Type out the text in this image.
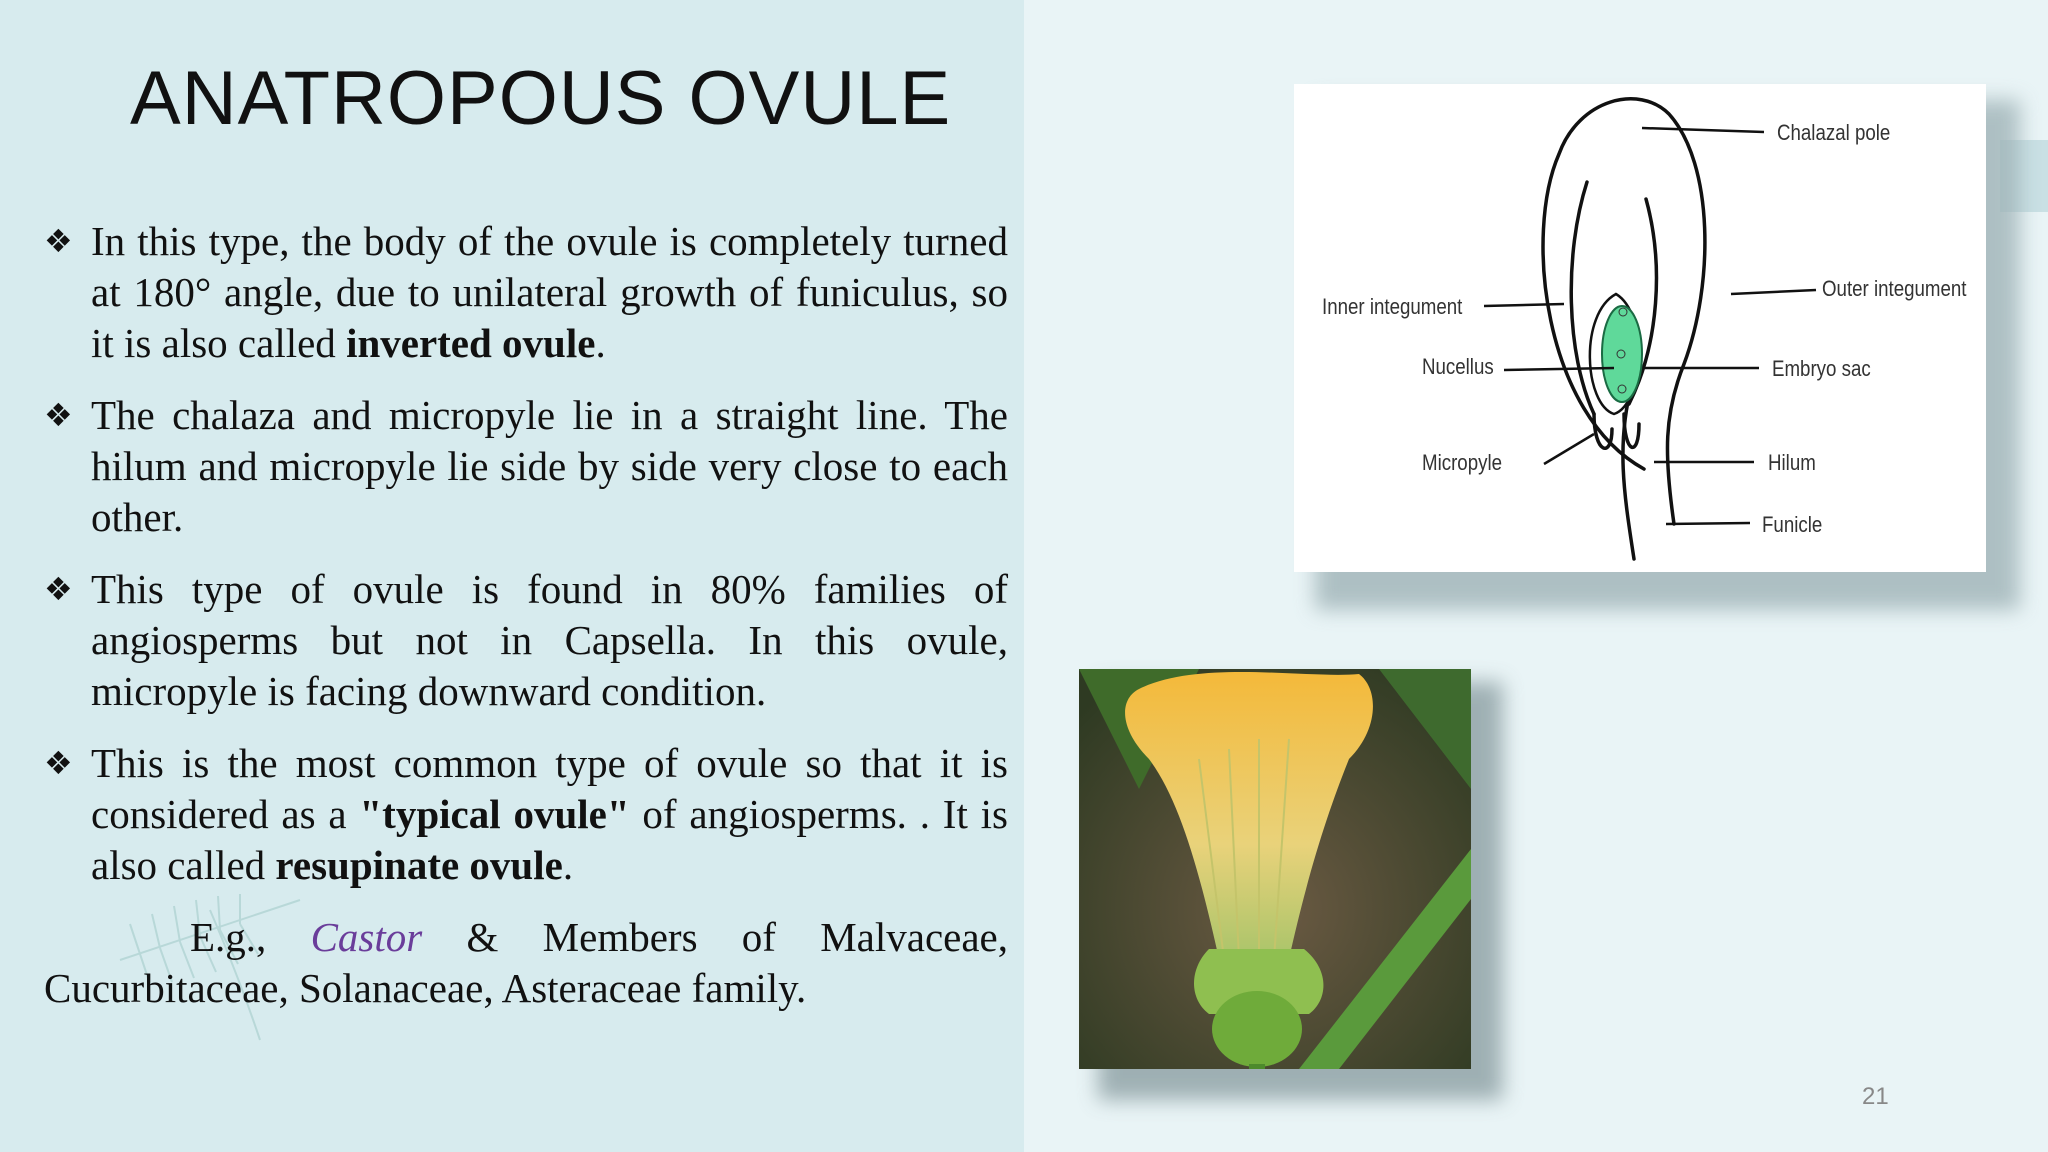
ANATROPOUS OVULE
❖ In this type, the body of the ovule is completely turned at 180° angle, due to unilateral growth of funiculus, so it is also called inverted ovule.
❖ The chalaza and micropyle lie in a straight line. The hilum and micropyle lie side by side very close to each other.
❖ This type of ovule is found in 80% families of angiosperms but not in Capsella. In this ovule, micropyle is facing downward condition.
❖ This is the most common type of ovule so that it is considered as a "typical ovule" of angiosperms. . It is also called resupinate ovule.
E.g., Castor & Members of Malvaceae, Cucurbitaceae, Solanaceae, Asteraceae family.
Chalazal pole
Outer integument
Inner integument
Nucellus	Embryo sac
Micropyle	Hilum
Funicle
21
